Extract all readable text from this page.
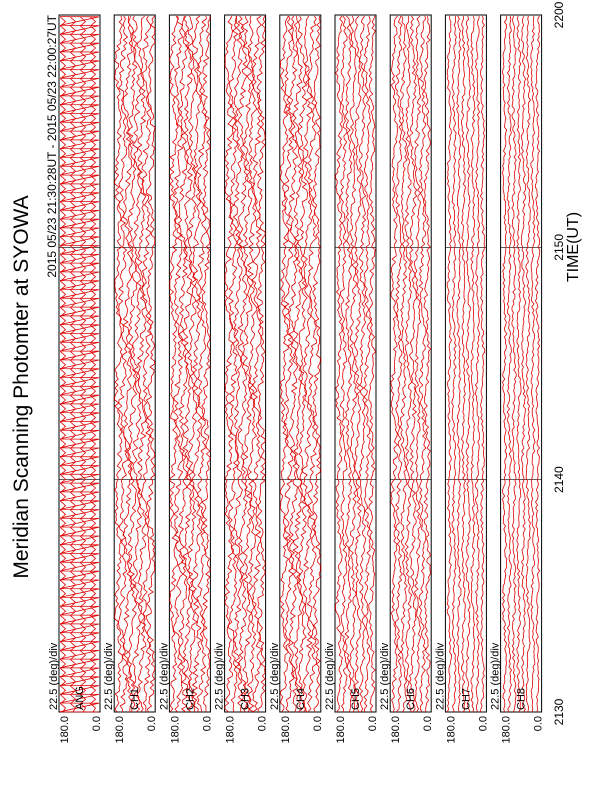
Meridian Scanning Photomter at SYOWA
2015 05/23 21:30:28UT - 2015 05/23 22:00:27UT	TIME(UT)
180.0 0.0
ANG
22.5 (deg)/div
180.0 0.0
CH1
22.5 (deg)/div
180.0 0.0
CH2
22.5 (deg)/div
180.0 0.0
CH3
22.5 (deg)/div
180.0 0.0
CH4
22.5 (deg)/div
180.0 0.0
CH5
22.5 (deg)/div
180.0 0.0
CH6
22.5 (deg)/div
180.0 0.0
CH7
22.5 (deg)/div
180.0 0.0
CH8
22.5 (deg)/div
2130
2140
2150
2200
